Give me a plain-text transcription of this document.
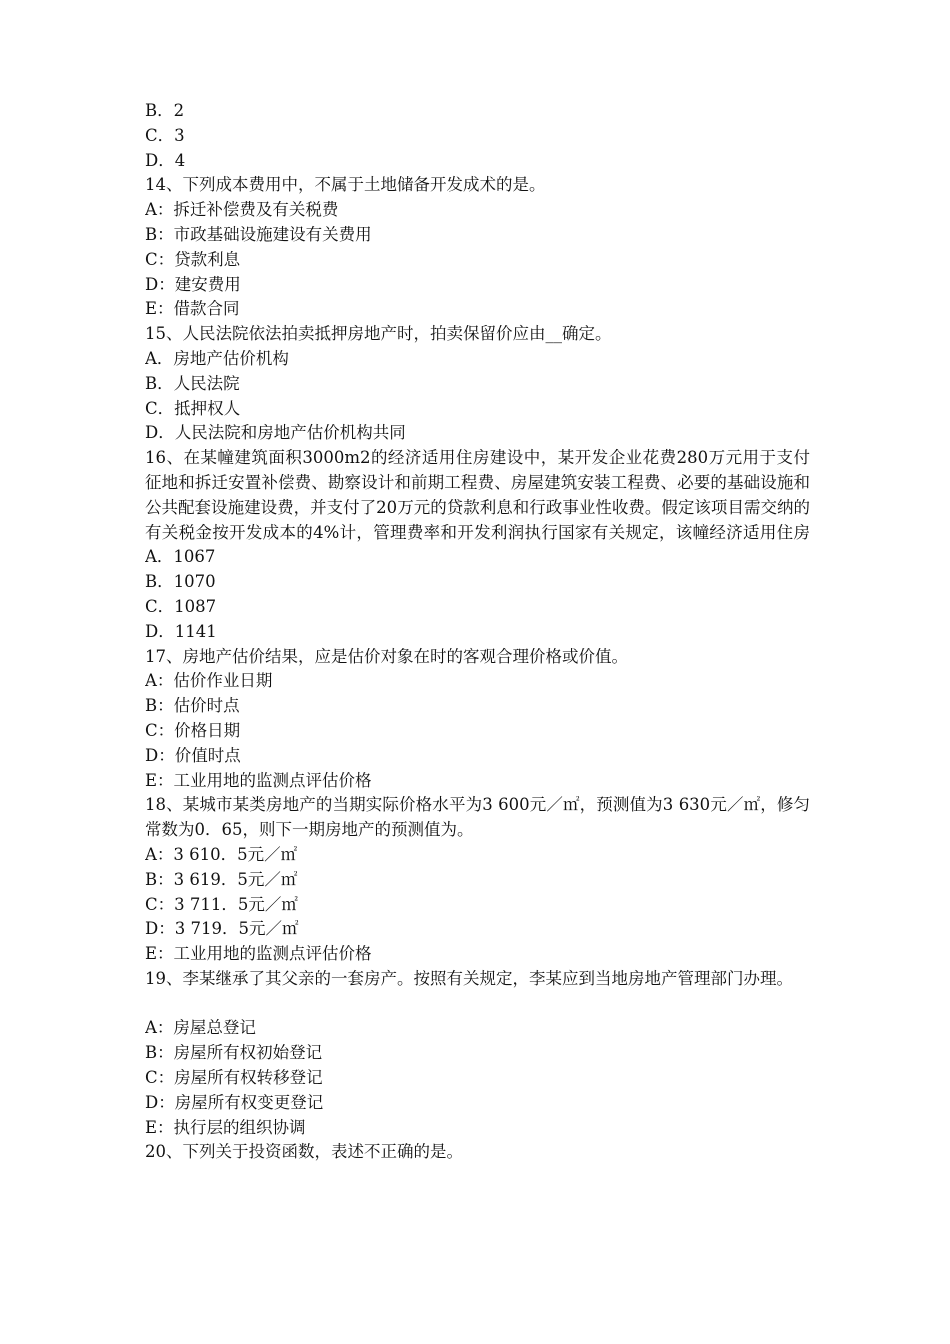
B．2
C．3
D．4
14、下列成本费用中，不属于土地储备开发成术的是。
A：拆迁补偿费及有关税费
B：市政基础设施建设有关费用
C：贷款利息
D：建安费用
E：借款合同
15、人民法院依法拍卖抵押房地产时，拍卖保留价应由__确定。
A．房地产估价机构
B．人民法院
C．抵押权人
D．人民法院和房地产估价机构共同
16、在某幢建筑面积3000m2的经济适用住房建设中，某开发企业花费280万元用于支付征地和拆迁安置补偿费、勘察设计和前期工程费、房屋建筑安装工程费、必要的基础设施和公共配套设施建设费，并支付了20万元的贷款利息和行政事业性收费。假定该项目需交纳的有关税金按开发成本的4%计，管理费率和开发利润执行国家有关规定，该幢经济适用住房
A．1067
B．1070
C．1087
D．1141
17、房地产估价结果，应是估价对象在时的客观合理价格或价值。
A：估价作业日期
B：估价时点
C：价格日期
D：价值时点
E：工业用地的监测点评估价格
18、某城市某类房地产的当期实际价格水平为3 600元／㎡，预测值为3 630元／㎡，修匀常数为0．65，则下一期房地产的预测值为。
A：3 610．5元／㎡
B：3 619．5元／㎡
C：3 711．5元／㎡
D：3 719．5元／㎡
E：工业用地的监测点评估价格
19、李某继承了其父亲的一套房产。按照有关规定，李某应到当地房地产管理部门办理。
A：房屋总登记
B：房屋所有权初始登记
C：房屋所有权转移登记
D：房屋所有权变更登记
E：执行层的组织协调
20、下列关于投资函数，表述不正确的是。
